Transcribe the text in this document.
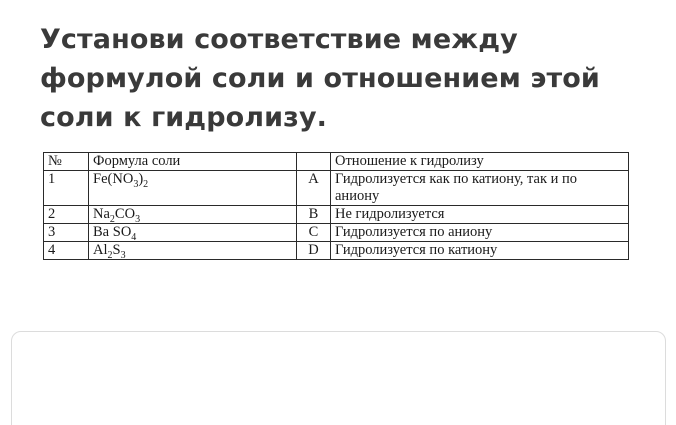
Установи соответствие между формулой соли и отношением этой соли к гидролизу.
№	Формула соли		Отношение к гидролизу
1	$Fe(NO_3)_2$	A	Гидролизуется как по катиону, так и по аниону
2	$Na_2CO_3$	B	Не гидролизуется
3	Ba $SO_4$	C	Гидролизуется по аниону
4	$Al_2S_3$	D	Гидролизуется по катиону
